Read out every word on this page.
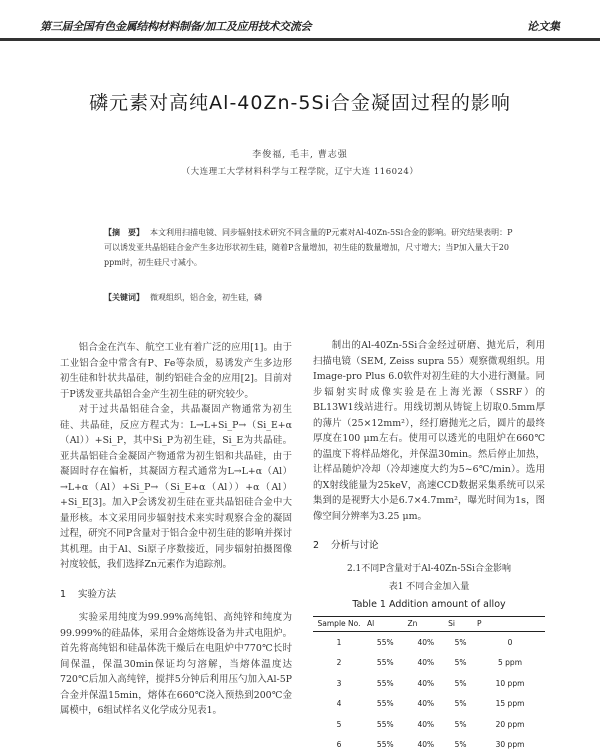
第三届全国有色金属结构材料制备/加工及应用技术交流会	论文集
磷元素对高纯Al-40Zn-5Si合金凝固过程的影响
李俊福, 毛丰, 曹志强
（大连理工大学材料科学与工程学院，辽宁大连 116024）
【摘　要】 本文利用扫描电镜、同步辐射技术研究不同含量的P元素对Al-40Zn-5Si合金的影响。研究结果表明：P可以诱发亚共晶铝硅合金产生多边形状初生硅，随着P含量增加，初生硅的数量增加，尺寸增大；当P加入量大于20 ppm时，初生硅尺寸减小。
【关键词】 微观组织，铝合金，初生硅，磷

铝合金在汽车、航空工业有着广泛的应用[1]。由于工业铝合金中常含有P、Fe等杂质，易诱发产生多边形初生硅和针状共晶硅，制约铝硅合金的应用[2]。目前对于P诱发亚共晶铝合金产生初生硅的研究较少。

对于过共晶铝硅合金，共晶凝固产物通常为初生硅、共晶硅，反应方程式为：L→L+Si_P→（Si_E+α（Al））+Si_P，其中Si_P为初生硅，Si_E为共晶硅。亚共晶铝硅合金凝固产物通常为初生铝和共晶硅，由于凝固时存在偏析，其凝固方程式通常为L→L+α（Al）→L+α（Al）+Si_P→（Si_E+α（Al））+α（Al）+Si_E[3]。加入P会诱发初生硅在亚共晶铝硅合金中大量形核。本文采用同步辐射技术来实时观察合金的凝固过程，研究不同P含量对于铝合金中初生硅的影响并探讨其机理。由于Al、Si原子序数接近，同步辐射拍摄图像衬度较低，我们选择Zn元素作为追踪剂。

1 实验方法

实验采用纯度为99.99%高纯铝、高纯锌和纯度为99.999%的硅晶体，采用合金熔炼设备为井式电阻炉。首先将高纯铝和硅晶体洗干燥后在电阻炉中770℃长时间保温，保温30min保证均匀溶解，当熔体温度达720℃后加入高纯锌，搅拌5分钟后利用压勺加入Al-5P合金并保温15min，熔体在660℃浇入预热到200℃金属模中，6组试样名义化学成分见表1。

制出的Al-40Zn-5Si合金经过研磨、抛光后，利用扫描电镜（SEM, Zeiss supra 55）观察微观组织。用Image-pro Plus 6.0软件对初生硅的大小进行测量。同步辐射实时成像实验是在上海光源（SSRF）的BL13W1线站进行。用线切割从铸锭上切取0.5mm厚的薄片（25×12mm²），经打磨抛光之后，圆片的最终厚度在100 μm左右。使用可以透光的电阻炉在660℃的温度下将样品熔化，并保温30min。然后停止加热，让样品随炉冷却（冷却速度大约为5~6℃/min）。选用的X射线能量为25keV，高速CCD数据采集系统可以采集到的是视野大小是6.7×4.7mm²，曝光时间为1s，图像空间分辨率为3.25 μm。

2 分析与讨论
2.1不同P含量对于Al-40Zn-5Si合金影响
表1 不同合金加入量
Table 1 Addition amount of alloy
Sample No.	Al	Zn	Si	P
1	55%	40%	5%	0
2	55%	40%	5%	5 ppm
3	55%	40%	5%	10 ppm
4	55%	40%	5%	15 ppm
5	55%	40%	5%	20 ppm
6	55%	40%	5%	30 ppm
